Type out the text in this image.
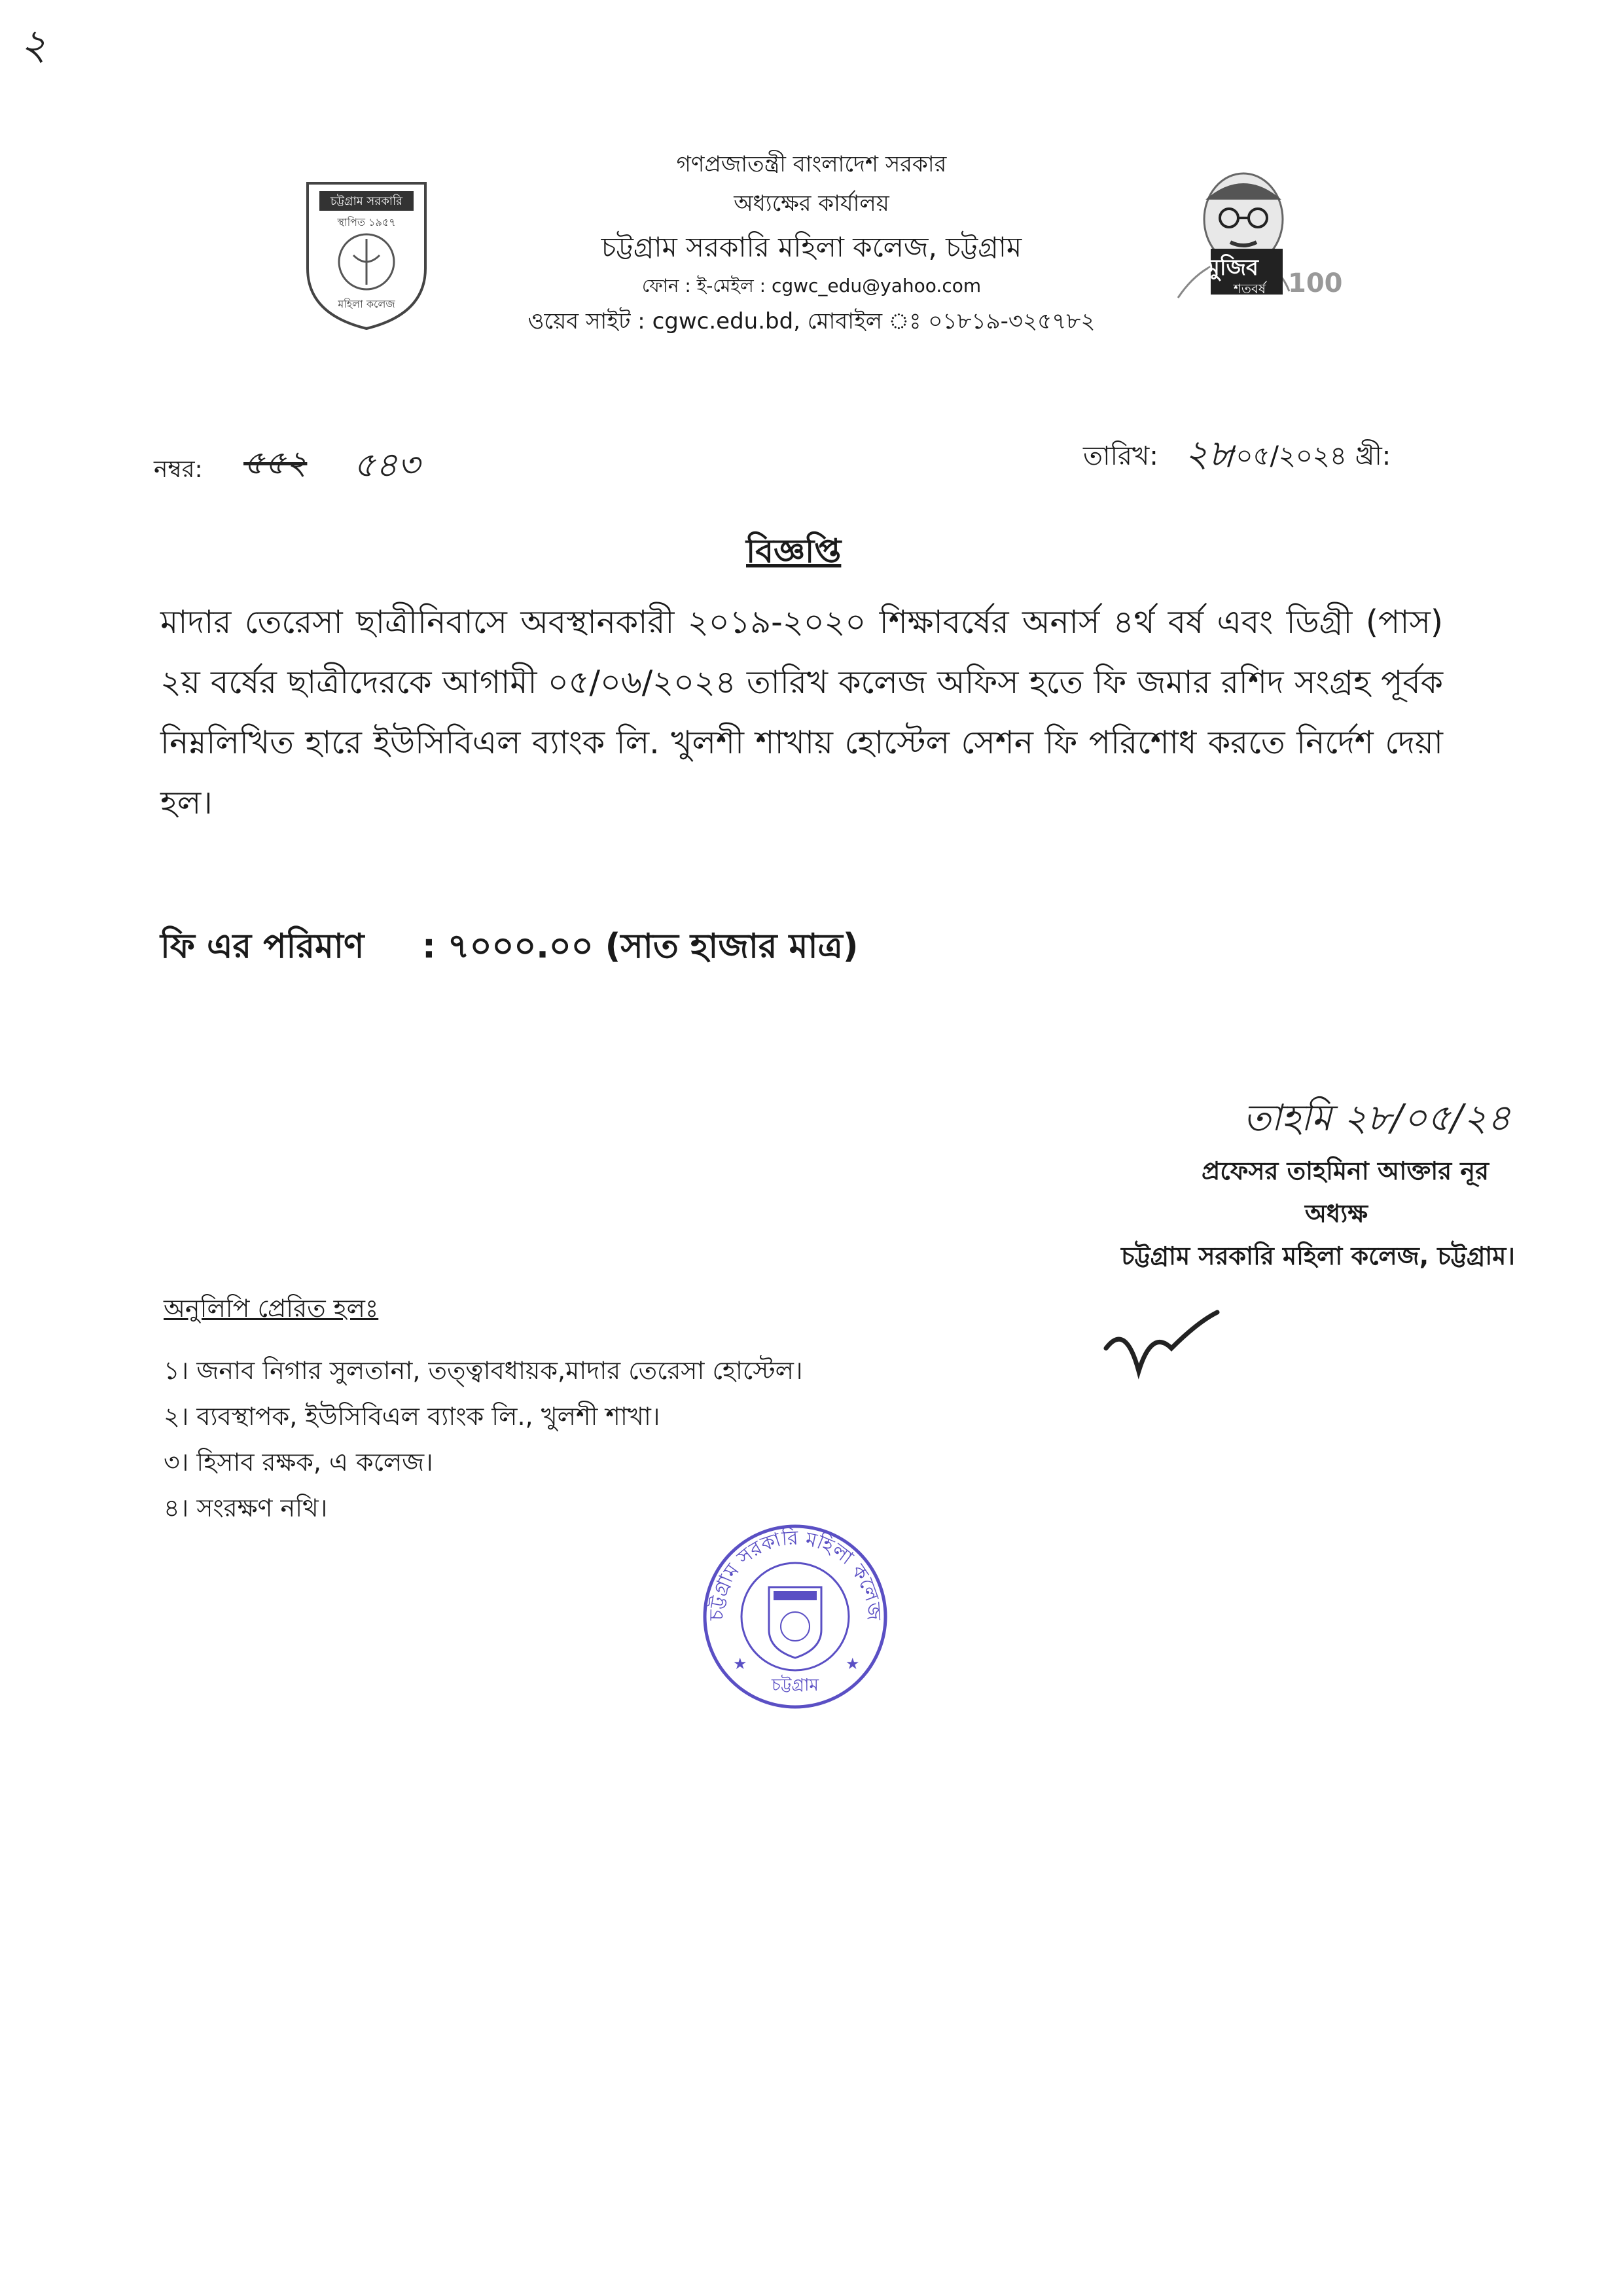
২
চট্টগ্রাম সরকারি
স্থাপিত ১৯৫৭
মহিলা কলেজ
গণপ্রজাতন্ত্রী বাংলাদেশ সরকার
অধ্যক্ষের কার্যালয়
চট্টগ্রাম সরকারি মহিলা কলেজ, চট্টগ্রাম
ফোন : ই-মেইল : cgwc_edu@yahoo.com
ওয়েব সাইট : cgwc.edu.bd, মোবাইল ঃ ০১৮১৯-৩২৫৭৮২
মুজিব
শতবর্ষ 100
নম্বর: ৫৫২ ৫৪৩	তারিখ: ২৮
/০৫/২০২৪ খ্রী:
বিজ্ঞপ্তি
মাদার তেরেসা ছাত্রীনিবাসে অবস্থানকারী ২০১৯-২০২০ শিক্ষাবর্ষের অনার্স ৪র্থ বর্ষ এবং ডিগ্রী (পাস) ২য় বর্ষের ছাত্রীদেরকে আগামী ০৫/০৬/২০২৪ তারিখ কলেজ অফিস হতে ফি জমার রশিদ সংগ্রহ পূর্বক নিম্নলিখিত হারে ইউসিবিএল ব্যাংক লি. খুলশী শাখায় হোস্টেল সেশন ফি পরিশোধ করতে নির্দেশ দেয়া হল।
ফি এর পরিমাণ : ৭০০০.০০ (সাত হাজার মাত্র)
তাহমি ২৮/০৫/২৪
প্রফেসর তাহমিনা আক্তার নূর
অধ্যক্ষ
চট্টগ্রাম সরকারি মহিলা কলেজ, চট্টগ্রাম।
অনুলিপি প্রেরিত হলঃ
১। জনাব নিগার সুলতানা, তত্ত্বাবধায়ক,মাদার তেরেসা হোস্টেল।
২। ব্যবস্থাপক, ইউসিবিএল ব্যাংক লি., খুলশী শাখা।
৩। হিসাব রক্ষক, এ কলেজ।
৪। সংরক্ষণ নথি।
চট্টগ্রাম সরকারি মহিলা কলেজ
★	★
চট্টগ্রাম
